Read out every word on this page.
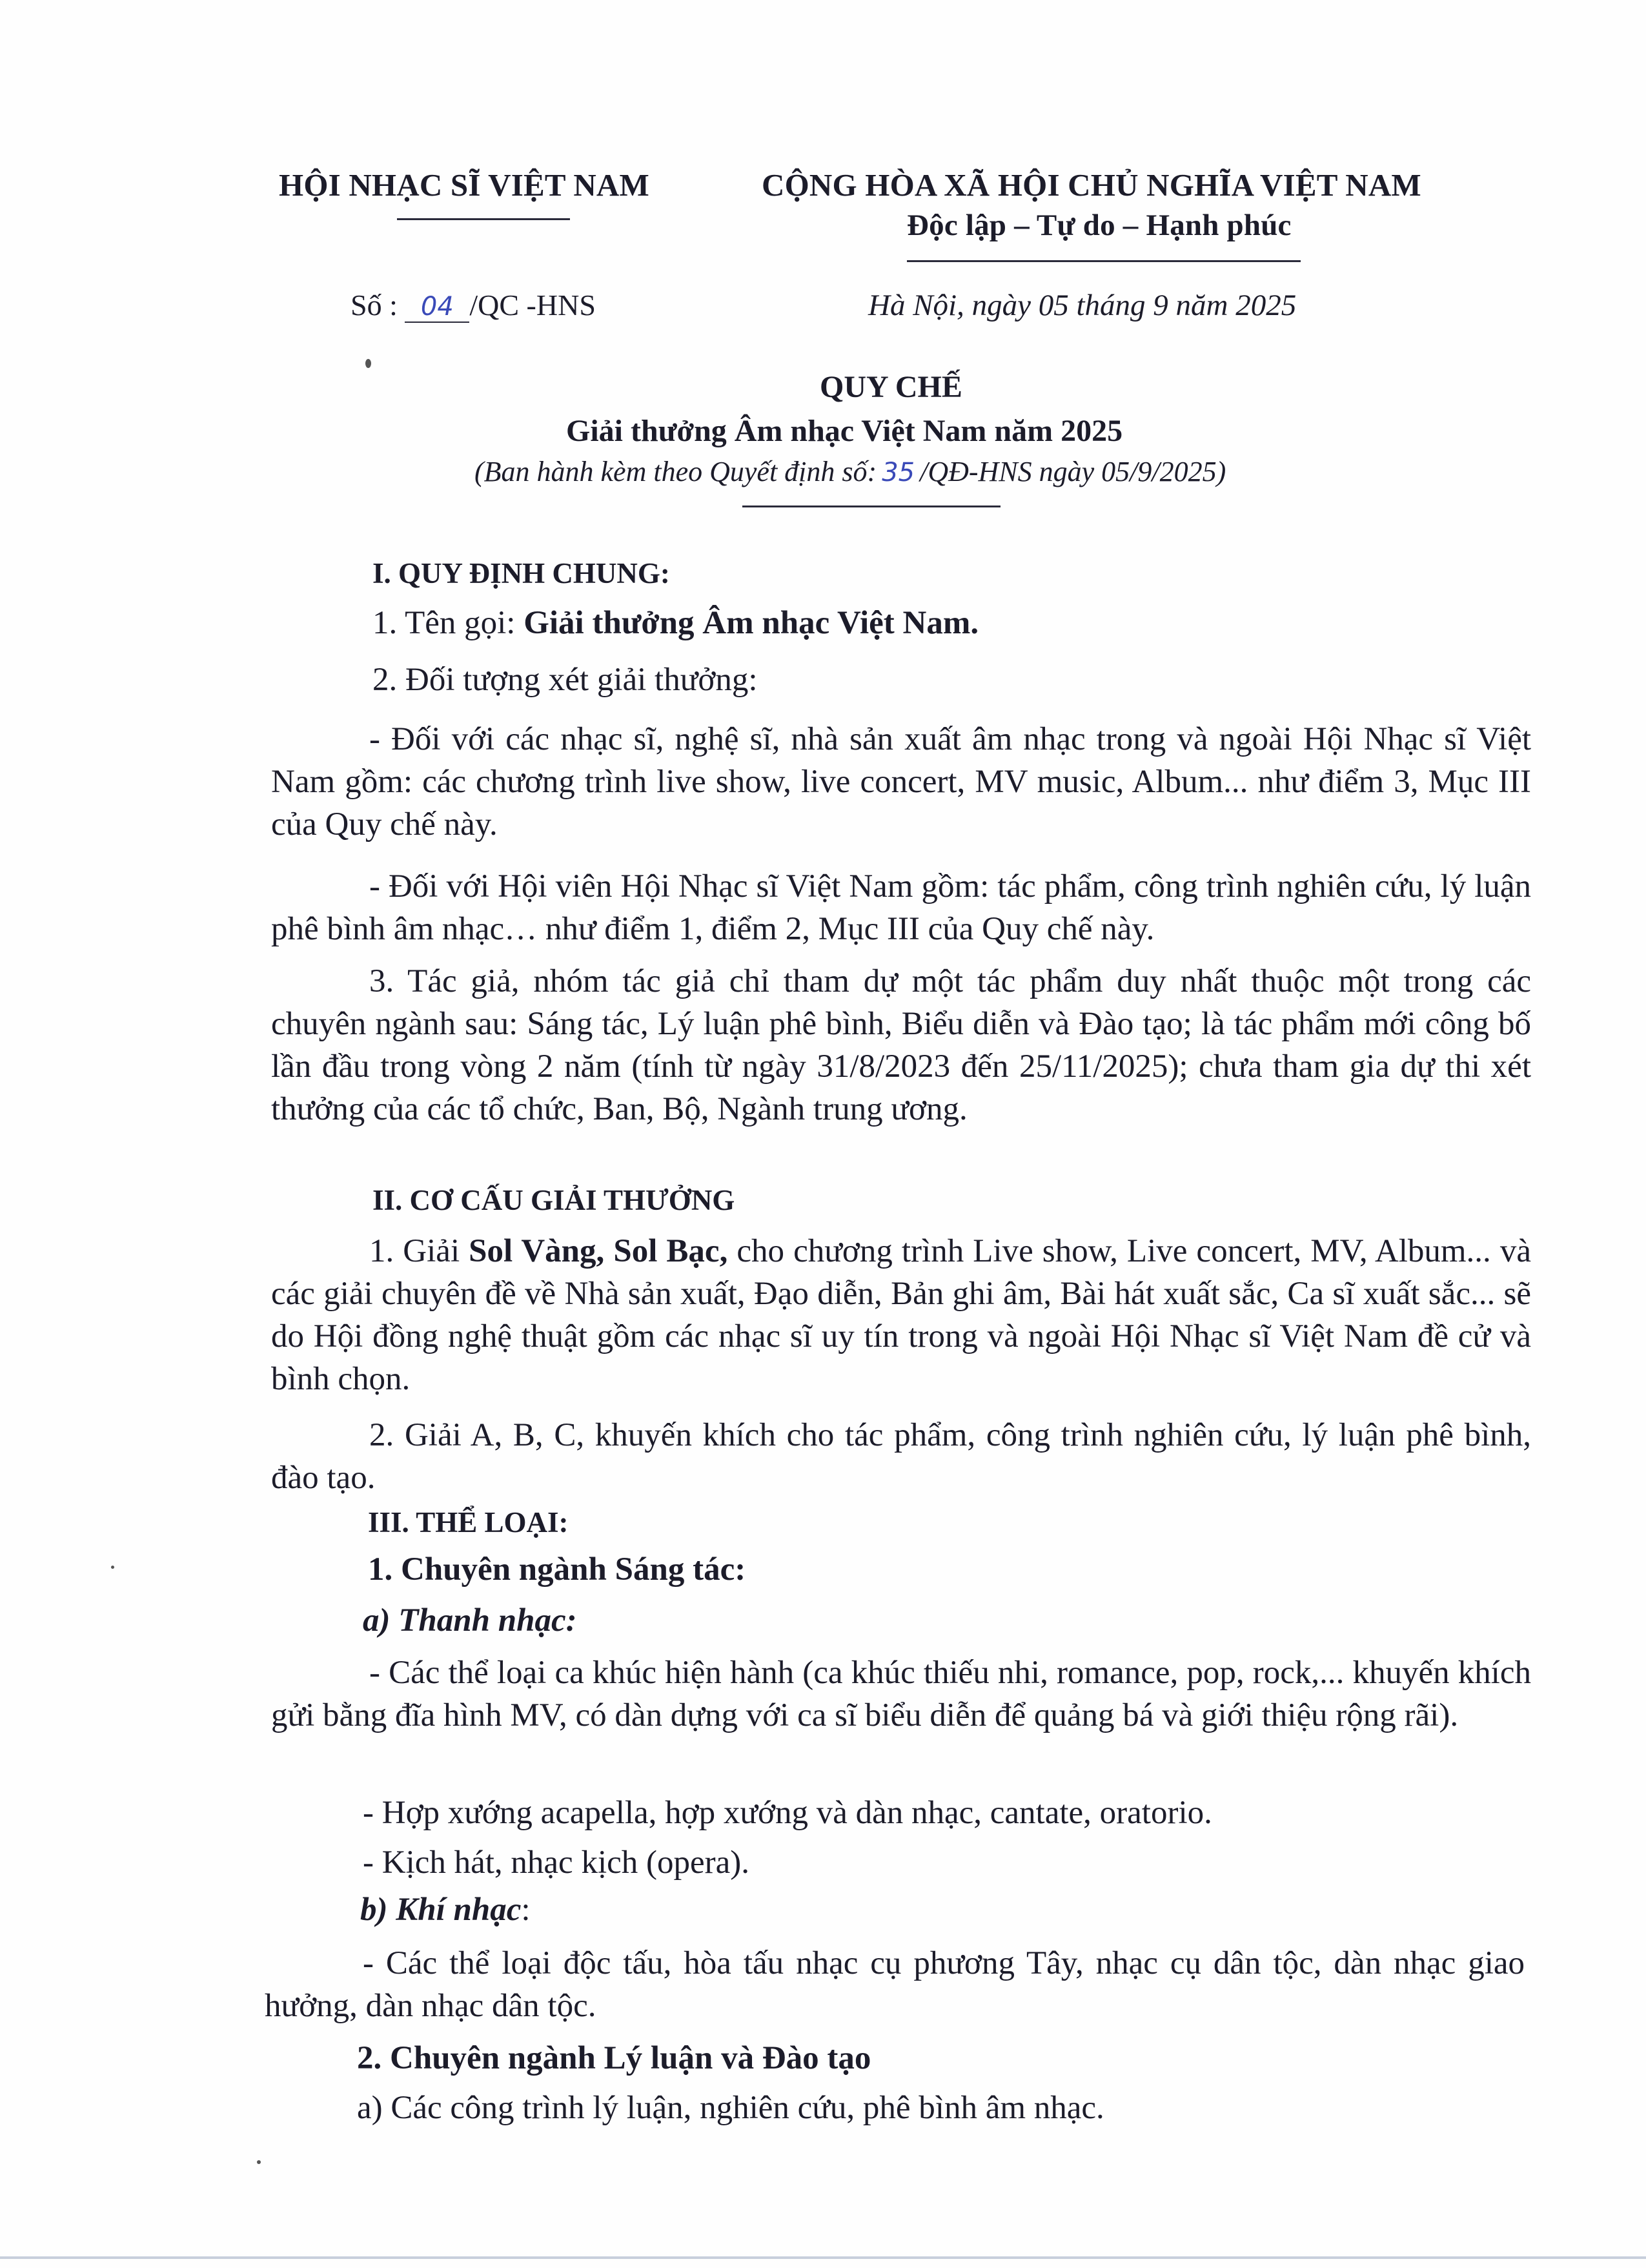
HỘI NHẠC SĨ VIỆT NAM	CỘNG HÒA XÃ HỘI CHỦ NGHĨA VIỆT NAM
Độc lập – Tự do – Hạnh phúc
Số : 04 /QC -HNS	Hà Nội, ngày 05 tháng 9 năm 2025
QUY CHẾ
Giải thưởng Âm nhạc Việt Nam năm 2025
(Ban hành kèm theo Quyết định số: 35 /QĐ-HNS ngày 05/9/2025)
I. QUY ĐỊNH CHUNG:
1. Tên gọi: Giải thưởng Âm nhạc Việt Nam.
2. Đối tượng xét giải thưởng:
- Đối với các nhạc sĩ, nghệ sĩ, nhà sản xuất âm nhạc trong và ngoài Hội Nhạc sĩ Việt Nam gồm: các chương trình live show, live concert, MV music, Album... như điểm 3, Mục III của Quy chế này.
- Đối với Hội viên Hội Nhạc sĩ Việt Nam gồm: tác phẩm, công trình nghiên cứu, lý luận phê bình âm nhạc… như điểm 1, điểm 2, Mục III của Quy chế này.
3. Tác giả, nhóm tác giả chỉ tham dự một tác phẩm duy nhất thuộc một trong các chuyên ngành sau: Sáng tác, Lý luận phê bình, Biểu diễn và Đào tạo; là tác phẩm mới công bố lần đầu trong vòng 2 năm (tính từ ngày 31/8/2023 đến 25/11/2025); chưa tham gia dự thi xét thưởng của các tổ chức, Ban, Bộ, Ngành trung ương.
II. CƠ CẤU GIẢI THƯỞNG
1. Giải Sol Vàng, Sol Bạc, cho chương trình Live show, Live concert, MV, Album... và các giải chuyên đề về Nhà sản xuất, Đạo diễn, Bản ghi âm, Bài hát xuất sắc, Ca sĩ xuất sắc... sẽ do Hội đồng nghệ thuật gồm các nhạc sĩ uy tín trong và ngoài Hội Nhạc sĩ Việt Nam đề cử và bình chọn.
2. Giải A, B, C, khuyến khích cho tác phẩm, công trình nghiên cứu, lý luận phê bình, đào tạo.
III. THỂ LOẠI:
1. Chuyên ngành Sáng tác:
a) Thanh nhạc:
- Các thể loại ca khúc hiện hành (ca khúc thiếu nhi, romance, pop, rock,... khuyến khích gửi bằng đĩa hình MV, có dàn dựng với ca sĩ biểu diễn để quảng bá và giới thiệu rộng rãi).
- Hợp xướng acapella, hợp xướng và dàn nhạc, cantate, oratorio.
- Kịch hát, nhạc kịch (opera).
b) Khí nhạc:
- Các thể loại độc tấu, hòa tấu nhạc cụ phương Tây, nhạc cụ dân tộc, dàn nhạc giao hưởng, dàn nhạc dân tộc.
2. Chuyên ngành Lý luận và Đào tạo
a) Các công trình lý luận, nghiên cứu, phê bình âm nhạc.
